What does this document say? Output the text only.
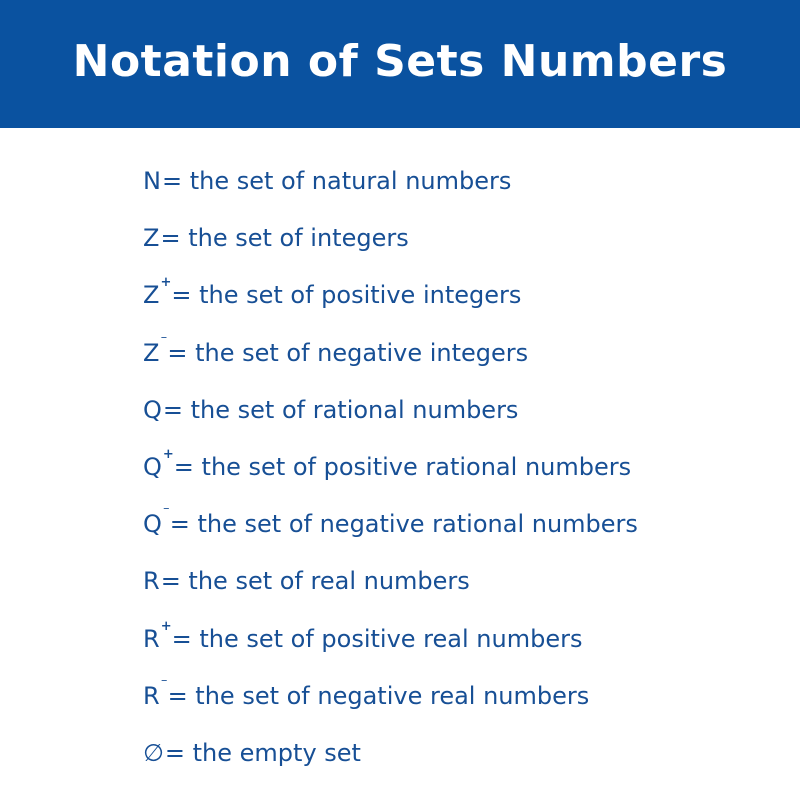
Notation of Sets Numbers
N = the set of natural numbers
Z = the set of integers
Z + = the set of positive integers
Z ⁻ = the set of negative integers
Q = the set of rational numbers
Q + = the set of positive rational numbers
Q ⁻ = the set of negative rational numbers
R = the set of real numbers
R + = the set of positive real numbers
R ⁻ = the set of negative real numbers
∅ = the empty set
